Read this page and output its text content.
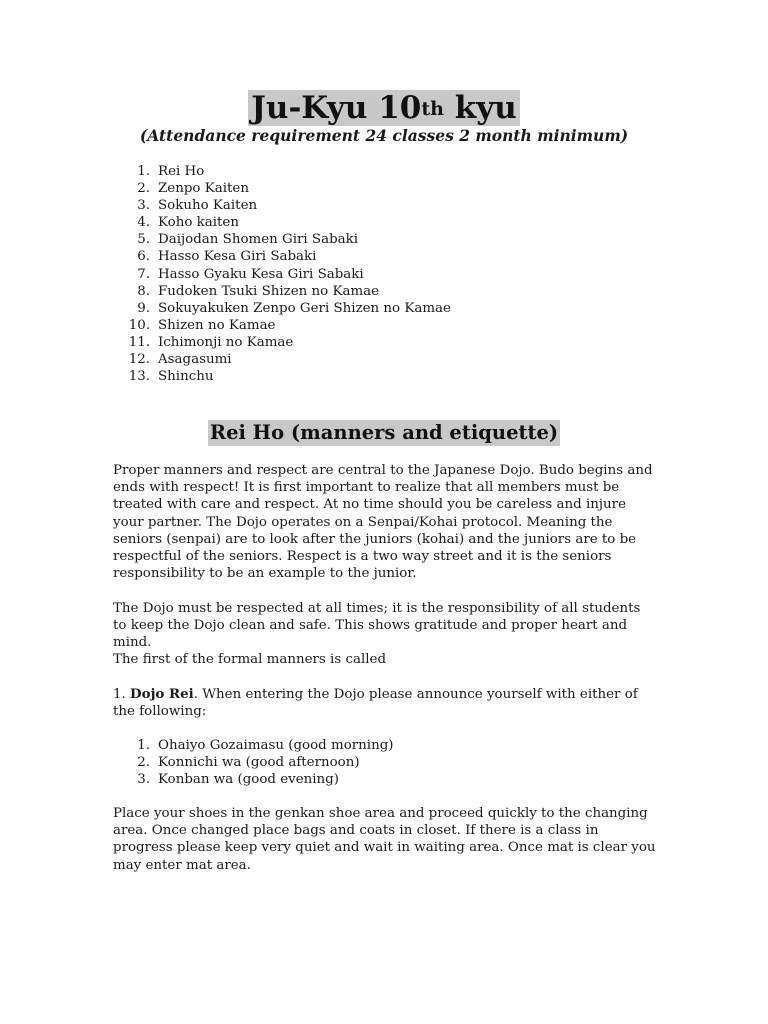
Ju-Kyu 10th kyu
(Attendance requirement 24 classes 2 month minimum)
1. Rei Ho
2. Zenpo Kaiten
3. Sokuho Kaiten
4. Koho kaiten
5. Daijodan Shomen Giri Sabaki
6. Hasso Kesa Giri Sabaki
7. Hasso Gyaku Kesa Giri Sabaki
8. Fudoken Tsuki Shizen no Kamae
9. Sokuyakuken Zenpo Geri Shizen no Kamae
10. Shizen no Kamae
11. Ichimonji no Kamae
12. Asagasumi
13. Shinchu
Rei Ho (manners and etiquette)

Proper manners and respect are central to the Japanese Dojo. Budo begins and ends with respect! It is first important to realize that all members must be treated with care and respect. At no time should you be careless and injure your partner. The Dojo operates on a Senpai/Kohai protocol. Meaning the seniors (senpai) are to look after the juniors (kohai) and the juniors are to be respectful of the seniors. Respect is a two way street and it is the seniors responsibility to be an example to the junior.

The Dojo must be respected at all times; it is the responsibility of all students to keep the Dojo clean and safe. This shows gratitude and proper heart and mind.

The first of the formal manners is called

1. Dojo Rei. When entering the Dojo please announce yourself with either of the following:

1. Ohaiyo Gozaimasu (good morning)
2. Konnichi wa (good afternoon)
3. Konban wa (good evening)

Place your shoes in the genkan shoe area and proceed quickly to the changing area. Once changed place bags and coats in closet. If there is a class in progress please keep very quiet and wait in waiting area. Once mat is clear you may enter mat area.
